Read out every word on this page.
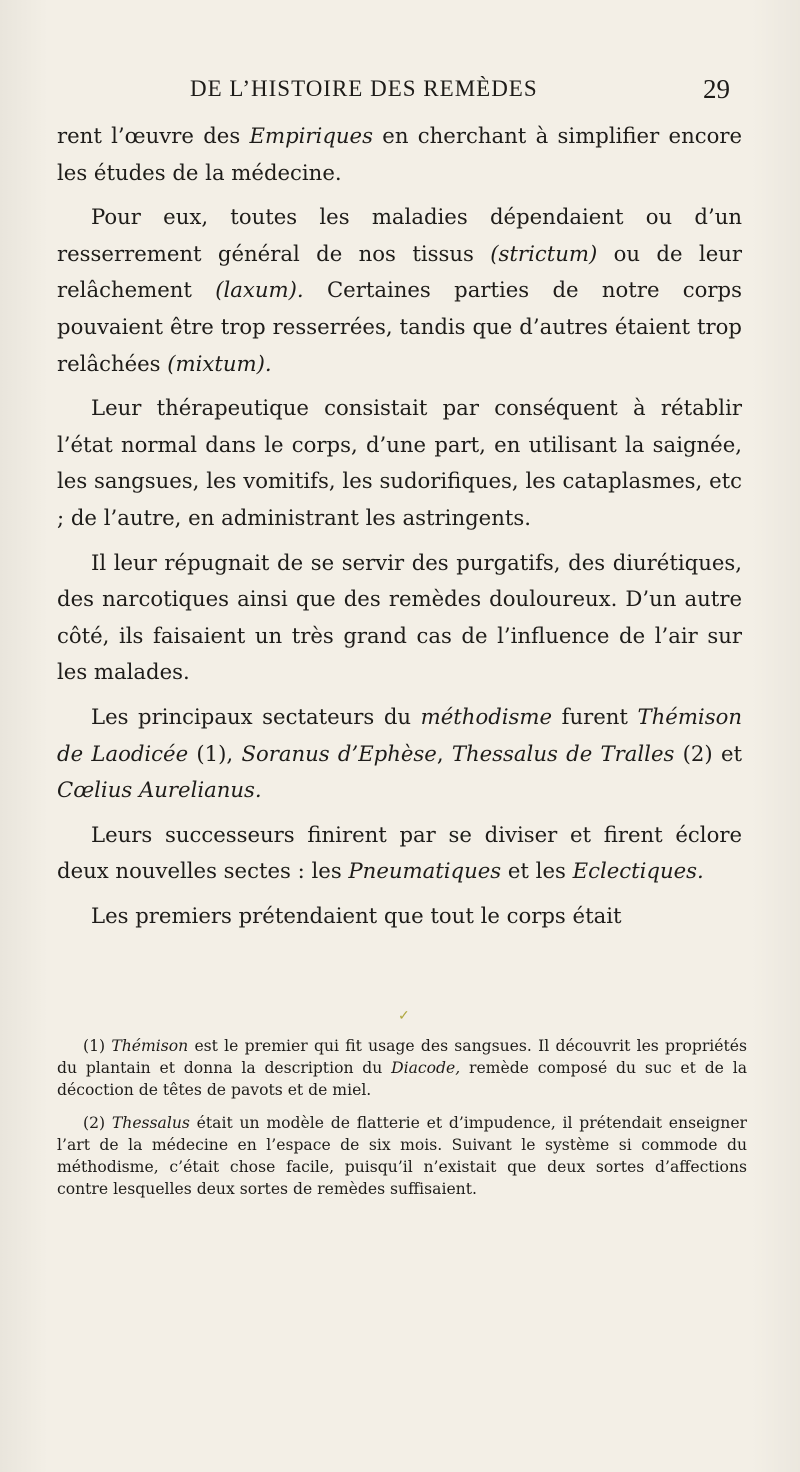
DE L’HISTOIRE DES REMÈDES	29

rent l’œuvre des Empiriques en cherchant à simplifier encore les études de la médecine.

Pour eux, toutes les maladies dépendaient ou d’un resserrement général de nos tissus (strictum) ou de leur relâchement (laxum). Certaines parties de notre corps pouvaient être trop resserrées, tandis que d’autres étaient trop relâchées (mixtum).

Leur thérapeutique consistait par conséquent à rétablir l’état normal dans le corps, d’une part, en utilisant la saignée, les sangsues, les vomitifs, les sudorifiques, les cataplasmes, etc ; de l’autre, en administrant les astringents.

Il leur répugnait de se servir des purgatifs, des diurétiques, des narcotiques ainsi que des remèdes douloureux. D’un autre côté, ils faisaient un très grand cas de l’influence de l’air sur les malades.

Les principaux sectateurs du méthodisme furent Thémison de Laodicée (1), Soranus d’Ephèse, Thessalus de Tralles (2) et Cœlius Aurelianus.

Leurs successeurs finirent par se diviser et firent éclore deux nouvelles sectes : les Pneumatiques et les Eclectiques.

Les premiers prétendaient que tout le corps était

✓

(1) Thémison est le premier qui fit usage des sangsues. Il découvrit les propriétés du plantain et donna la description du Diacode, remède composé du suc et de la décoction de têtes de pavots et de miel.

(2) Thessalus était un modèle de flatterie et d’impudence, il prétendait enseigner l’art de la médecine en l’espace de six mois. Suivant le système si commode du méthodisme, c’était chose facile, puisqu’il n’existait que deux sortes d’affections contre lesquelles deux sortes de remèdes suffisaient.
